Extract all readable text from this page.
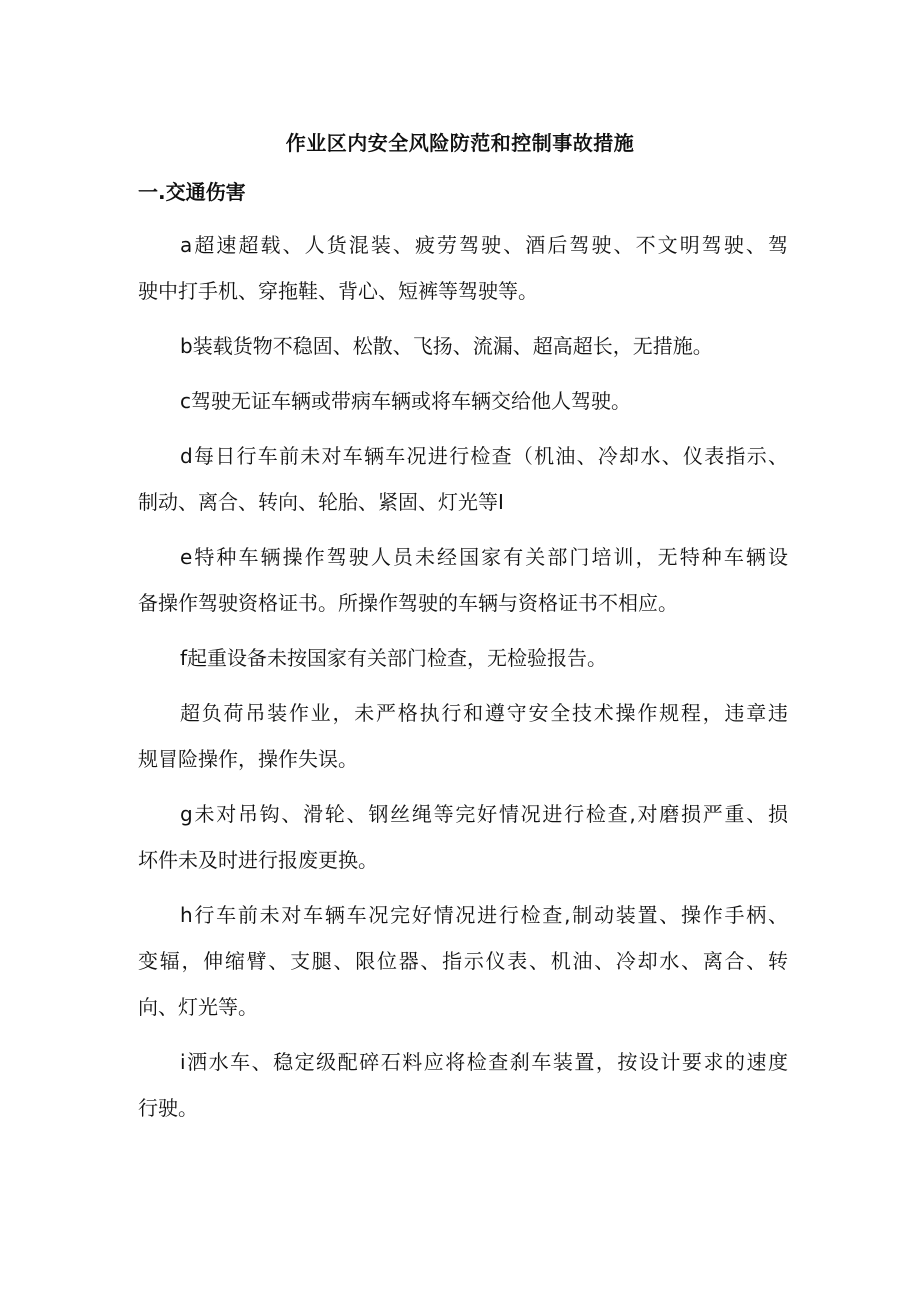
作业区内安全风险防范和控制事故措施
一.交通伤害
a超速超载、人货混装、疲劳驾驶、酒后驾驶、不文明驾驶、驾
驶中打手机、穿拖鞋、背心、短裤等驾驶等。
b装载货物不稳固、松散、飞扬、流漏、超高超长，无措施。
c驾驶无证车辆或带病车辆或将车辆交给他人驾驶。
d每日行车前未对车辆车况进行检查（机油、冷却水、仪表指示、
制动、离合、转向、轮胎、紧固、灯光等I
e特种车辆操作驾驶人员未经国家有关部门培训，无特种车辆设
备操作驾驶资格证书。所操作驾驶的车辆与资格证书不相应。
f起重设备未按国家有关部门检查，无检验报告。
超负荷吊装作业，未严格执行和遵守安全技术操作规程，违章违
规冒险操作，操作失误。
g未对吊钩、滑轮、钢丝绳等完好情况进行检查,对磨损严重、损
坏件未及时进行报废更换。
h行车前未对车辆车况完好情况进行检查,制动装置、操作手柄、
变辐，伸缩臂、支腿、限位器、指示仪表、机油、冷却水、离合、转
向、灯光等。
i洒水车、稳定级配碎石料应将检查刹车装置，按设计要求的速度
行驶。
